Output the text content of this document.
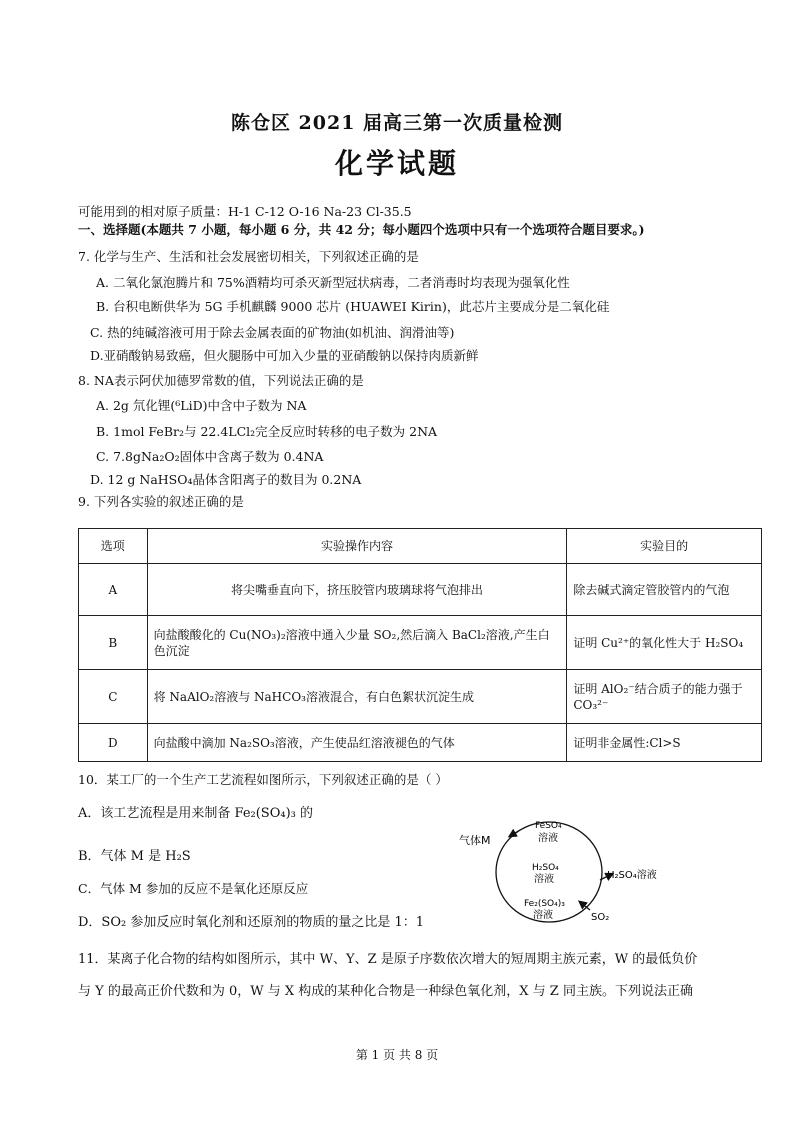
陈仓区 2021 届高三第一次质量检测
化学试题
可能用到的相对原子质量：H-1 C-12 O-16 Na-23 Cl-35.5
一、选择题(本题共 7 小题，每小题 6 分，共 42 分；每小题四个选项中只有一个选项符合题目要求。)
7. 化学与生产、生活和社会发展密切相关，下列叙述正确的是
A. 二氧化氯泡腾片和 75%酒精均可杀灭新型冠状病毒，二者消毒时均表现为强氧化性
B. 台积电断供华为 5G 手机麒麟 9000 芯片 (HUAWEI Kirin)，此芯片主要成分是二氧化硅
C. 热的纯碱溶液可用于除去金属表面的矿物油(如机油、润滑油等)
D.亚硝酸钠易致癌，但火腿肠中可加入少量的亚硝酸钠以保持肉质新鲜
8. NA表示阿伏加德罗常数的值，下列说法正确的是
A. 2g 氘化锂(⁶LiD)中含中子数为 NA
B. 1mol FeBr₂与 22.4LCl₂完全反应时转移的电子数为 2NA
C. 7.8gNa₂O₂固体中含离子数为 0.4NA
D. 12 g NaHSO₄晶体含阳离子的数目为 0.2NA
9. 下列各实验的叙述正确的是
选项	实验操作内容	实验目的
A	将尖嘴垂直向下，挤压胶管内玻璃球将气泡排出	除去碱式滴定管胶管内的气泡
B	向盐酸酸化的 Cu(NO₃)₂溶液中通入少量 SO₂,然后滴入 BaCl₂溶液,产生白色沉淀	证明 Cu²⁺的氧化性大于 H₂SO₄
C	将 NaAlO₂溶液与 NaHCO₃溶液混合，有白色絮状沉淀生成	证明 AlO₂⁻结合质子的能力强于 CO₃²⁻
D	向盐酸中滴加 Na₂SO₃溶液，产生使品红溶液褪色的气体	证明非金属性:Cl>S
10．某工厂的一个生产工艺流程如图所示，下列叙述正确的是（ ）
A．该工艺流程是用来制备 Fe₂(SO₄)₃ 的
B．气体 M 是 H₂S
C．气体 M 参加的反应不是氧化还原反应
D．SO₂ 参加反应时氧化剂和还原剂的物质的量之比是 1：1
气体M
FeSO₄
溶液
H₂SO₄
溶液
Fe₂(SO₄)₃
溶液
H₂SO₄溶液
SO₂
11．某离子化合物的结构如图所示，其中 W、Y、Z 是原子序数依次增大的短周期主族元素，W 的最低负价
与 Y 的最高正价代数和为 0，W 与 X 构成的某种化合物是一种绿色氧化剂，X 与 Z 同主族。下列说法正确
第 1 页 共 8 页
